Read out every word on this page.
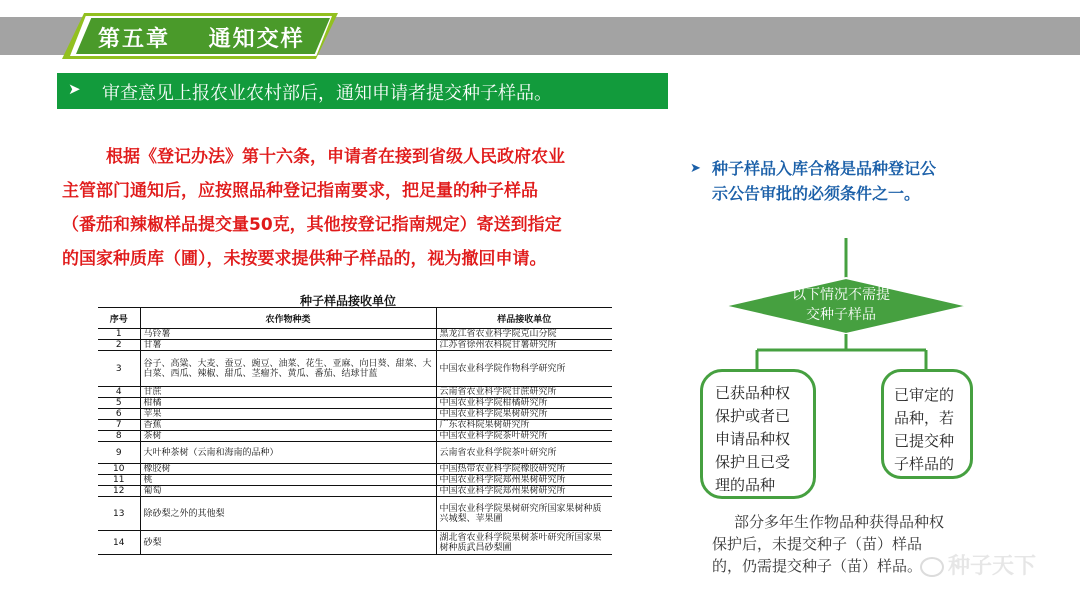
第五章    通知交样
➤ 审查意见上报农业农村部后，通知申请者提交种子样品。

根据《登记办法》第十六条，申请者在接到省级人民政府农业

主管部门通知后，应按照品种登记指南要求，把足量的种子样品

（番茄和辣椒样品提交量50克，其他按登记指南规定）寄送到指定

的国家种质库（圃），未按要求提供种子样品的，视为撤回申请。

种子样品接收单位
序号	农作物种类	样品接收单位
1	马铃薯	黑龙江省农业科学院克山分院
2	甘薯	江苏省徐州农科院甘薯研究所
3	谷子、高粱、大麦、蚕豆、豌豆、油菜、花生、亚麻、向日葵、甜菜、大白菜、西瓜、辣椒、甜瓜、茎瘤芥、黄瓜、番茄、结球甘蓝	中国农业科学院作物科学研究所
4	甘蔗	云南省农业科学院甘蔗研究所
5	柑橘	中国农业科学院柑橘研究所
6	苹果	中国农业科学院果树研究所
7	香蕉	广东农科院果树研究所
8	茶树	中国农业科学院茶叶研究所
9	大叶种茶树（云南和海南的品种）	云南省农业科学院茶叶研究所
10	橡胶树	中国热带农业科学院橡胶研究所
11	桃	中国农业科学院郑州果树研究所
12	葡萄	中国农业科学院郑州果树研究所
13	除砂梨之外的其他梨	中国农业科学院果树研究所国家果树种质兴城梨、苹果圃
14	砂梨	湖北省农业科学院果树茶叶研究所国家果树种质武昌砂梨圃
➤ 种子样品入库合格是品种登记公
示公告审批的必须条件之一。
以下情况不需提
交种子样品
已获品种权
保护或者已
申请品种权
保护且已受
理的品种
已审定的
品种，若
已提交种
子样品的
部分多年生作物品种获得品种权
保护后，未提交种子（苗）样品
的，仍需提交种子（苗）样品。	种子天下
